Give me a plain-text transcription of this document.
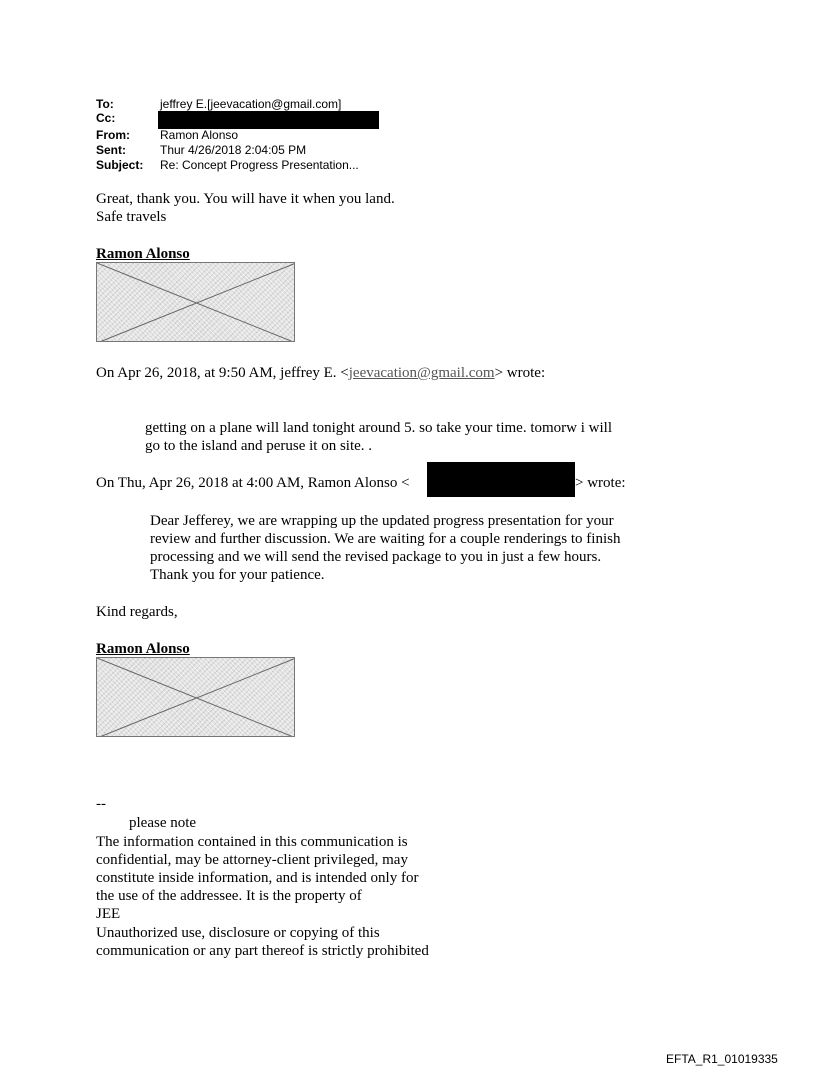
To:	jeffrey E.[jeevacation@gmail.com]
Cc:
From:	Ramon Alonso
Sent:	Thur 4/26/2018 2:04:05 PM
Subject: Re: Concept Progress Presentation...
Great, thank you. You will have it when you land.
Safe travels
Ramon Alonso
On Apr 26, 2018, at 9:50 AM, jeffrey E. <jeevacation@gmail.com> wrote:
getting on a plane will land tonight around 5. so take your time. tomorw i will
go to the island and peruse it on site. .
On Thu, Apr 26, 2018 at 4:00 AM, Ramon Alonso <	> wrote:
Dear Jefferey, we are wrapping up the updated progress presentation for your
review and further discussion. We are waiting for a couple renderings to finish
processing and we will send the revised package to you in just a few hours.
Thank you for your patience.
Kind regards,
Ramon Alonso
--
please note
The information contained in this communication is
confidential, may be attorney-client privileged, may
constitute inside information, and is intended only for
the use of the addressee. It is the property of
JEE
Unauthorized use, disclosure or copying of this
communication or any part thereof is strictly prohibited
EFTA_R1_01019335
